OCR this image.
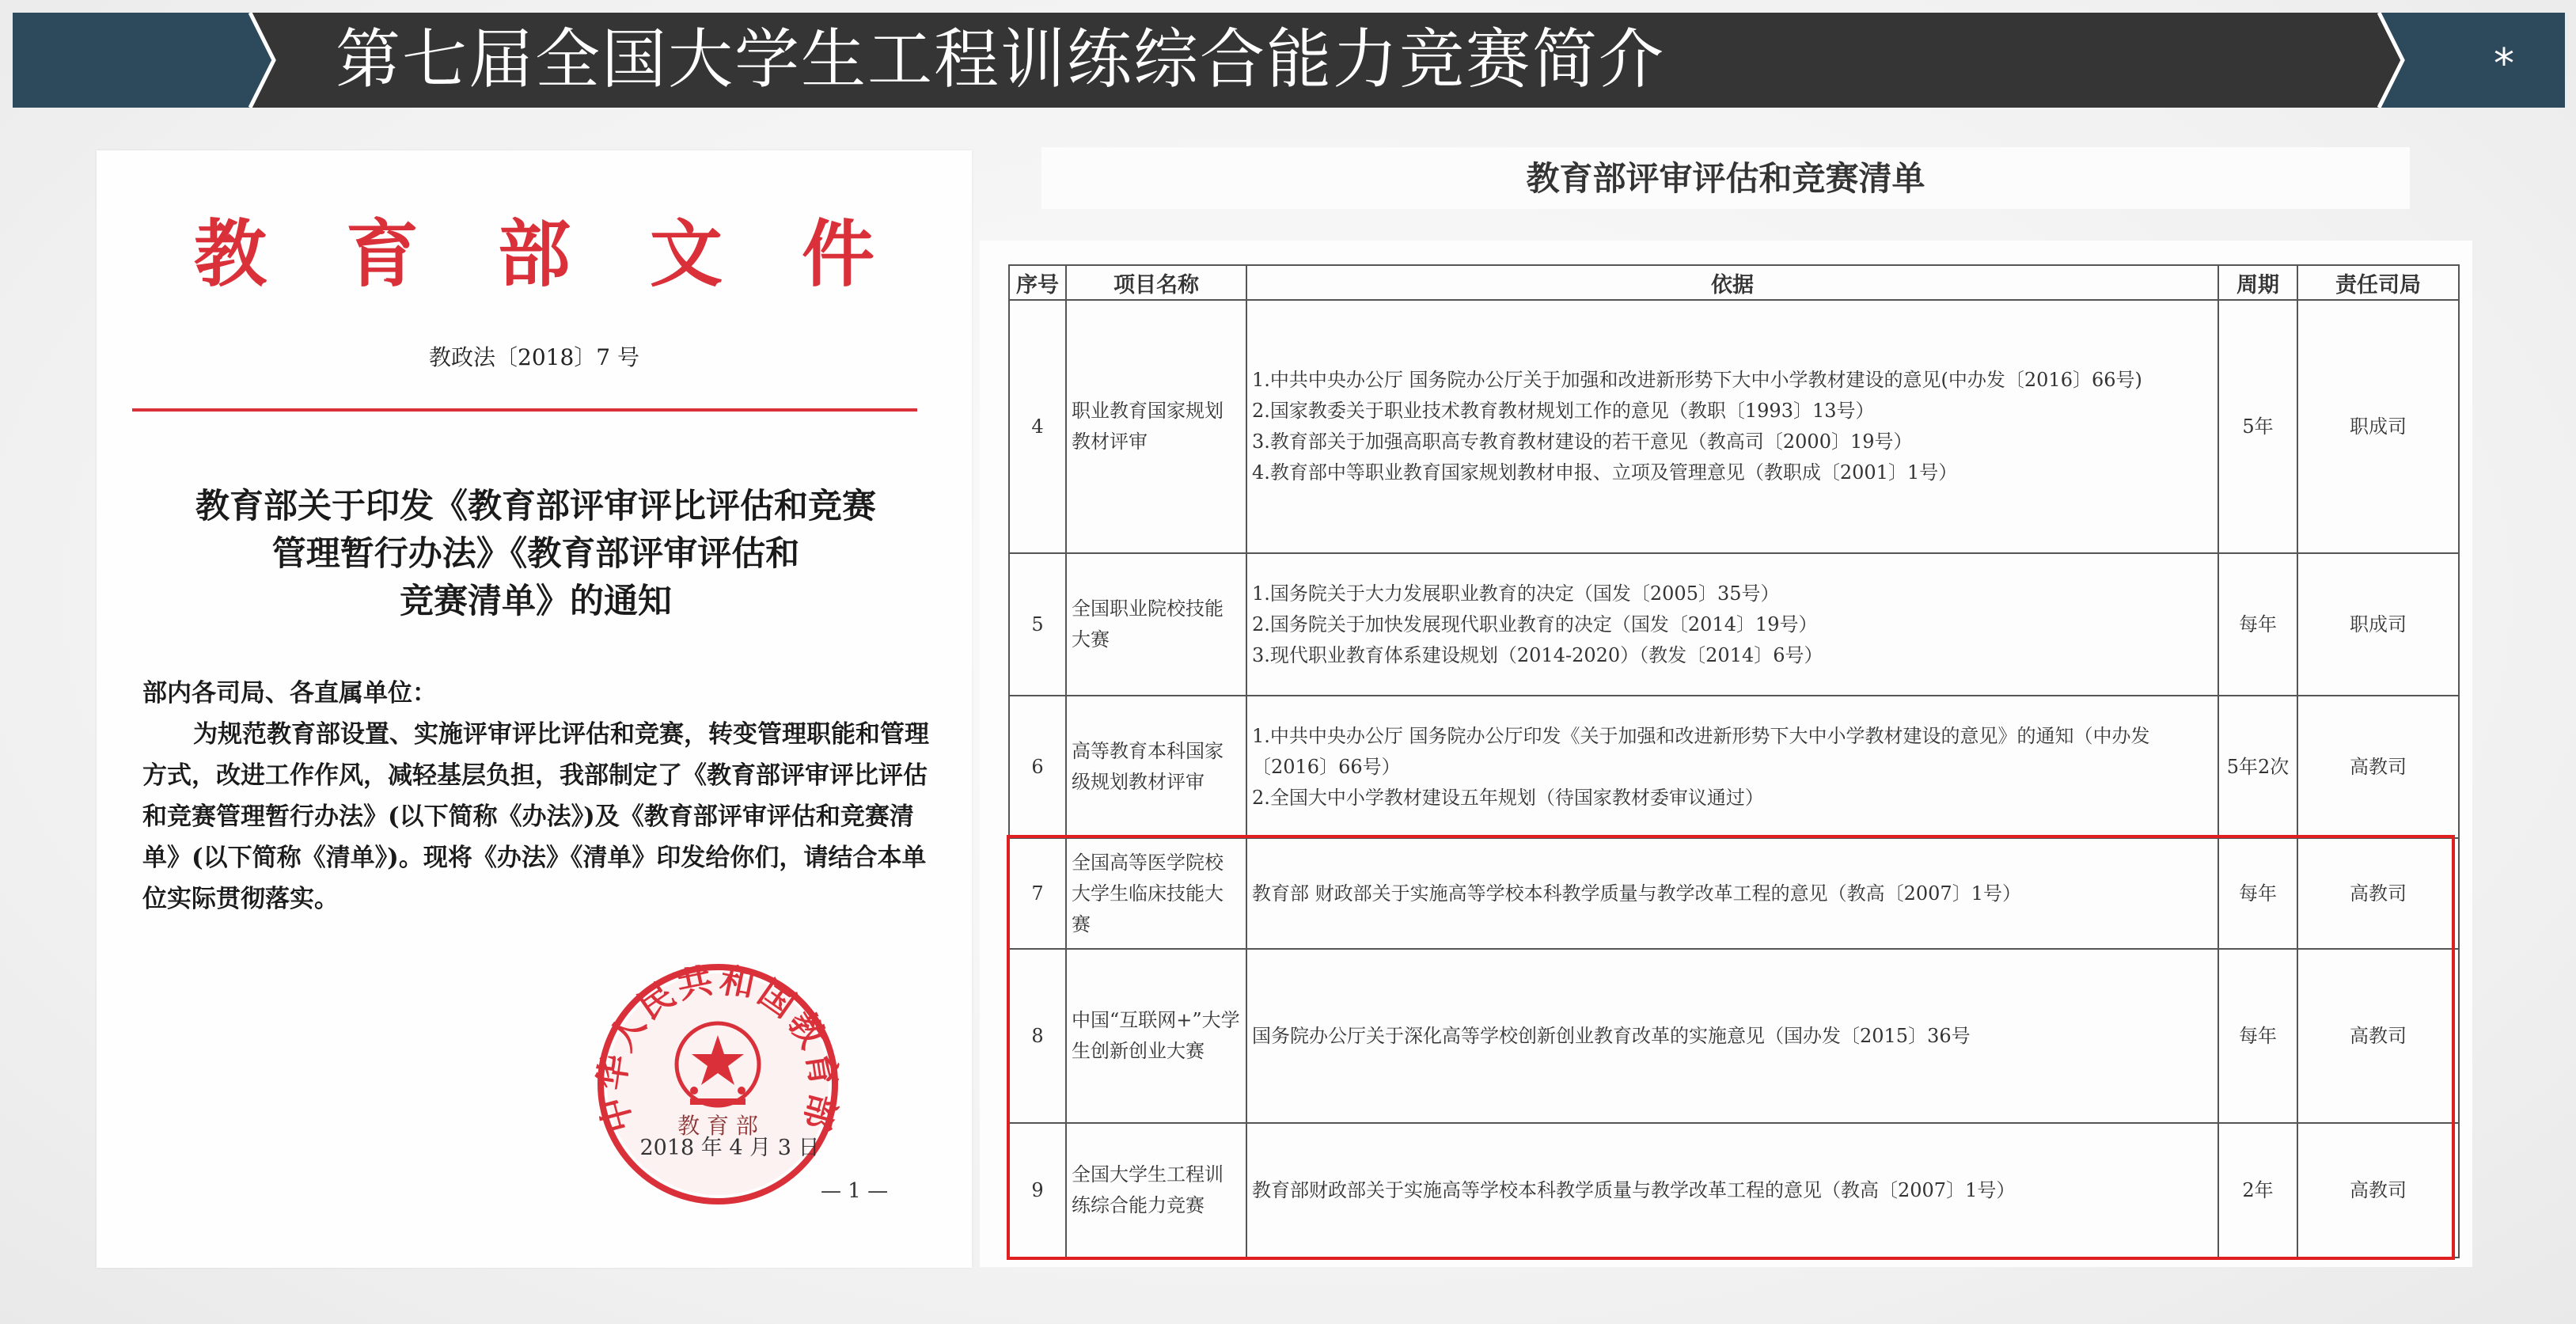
第七届全国大学生工程训练综合能力竞赛简介	*
教育部文件
教政法〔2018〕7 号
教育部关于印发《教育部评审评比评估和竞赛
管理暂行办法》《教育部评审评估和
竞赛清单》的通知

部内各司局、各直属单位：

为规范教育部设置、实施评审评比评估和竞赛，转变管理职能和管理方式，改进工作作风，减轻基层负担，我部制定了《教育部评审评比评估和竞赛管理暂行办法》(以下简称《办法》)及《教育部评审评估和竞赛清单》(以下简称《清单》)。现将《办法》《清单》印发给你们，请结合本单位实际贯彻落实。

中华人民共和国教育部
教 育 部
2018 年 4 月 3 日
— 1 —
教育部评审评估和竞赛清单
序号	项目名称	依据	周期	责任司局
4	职业教育国家规划教材评审	1.中共中央办公厅 国务院办公厅关于加强和改进新形势下大中小学教材建设的意见(中办发〔2016〕66号)
2.国家教委关于职业技术教育教材规划工作的意见（教职〔1993〕13号）
3.教育部关于加强高职高专教育教材建设的若干意见（教高司〔2000〕19号）
4.教育部中等职业教育国家规划教材申报、立项及管理意见（教职成〔2001〕1号）	5年	职成司
5	全国职业院校技能大赛	1.国务院关于大力发展职业教育的决定（国发〔2005〕35号）
2.国务院关于加快发展现代职业教育的决定（国发〔2014〕19号）
3.现代职业教育体系建设规划（2014-2020）（教发〔2014〕6号）	每年	职成司
6	高等教育本科国家级规划教材评审	1.中共中央办公厅 国务院办公厅印发《关于加强和改进新形势下大中小学教材建设的意见》的通知（中办发〔2016〕66号）
2.全国大中小学教材建设五年规划（待国家教材委审议通过）	5年2次	高教司
7	全国高等医学院校大学生临床技能大赛	教育部 财政部关于实施高等学校本科教学质量与教学改革工程的意见（教高〔2007〕1号）	每年	高教司
8	中国“互联网+”大学生创新创业大赛	国务院办公厅关于深化高等学校创新创业教育改革的实施意见（国办发〔2015〕36号	每年	高教司
9	全国大学生工程训练综合能力竞赛	教育部财政部关于实施高等学校本科教学质量与教学改革工程的意见（教高〔2007〕1号）	2年	高教司
